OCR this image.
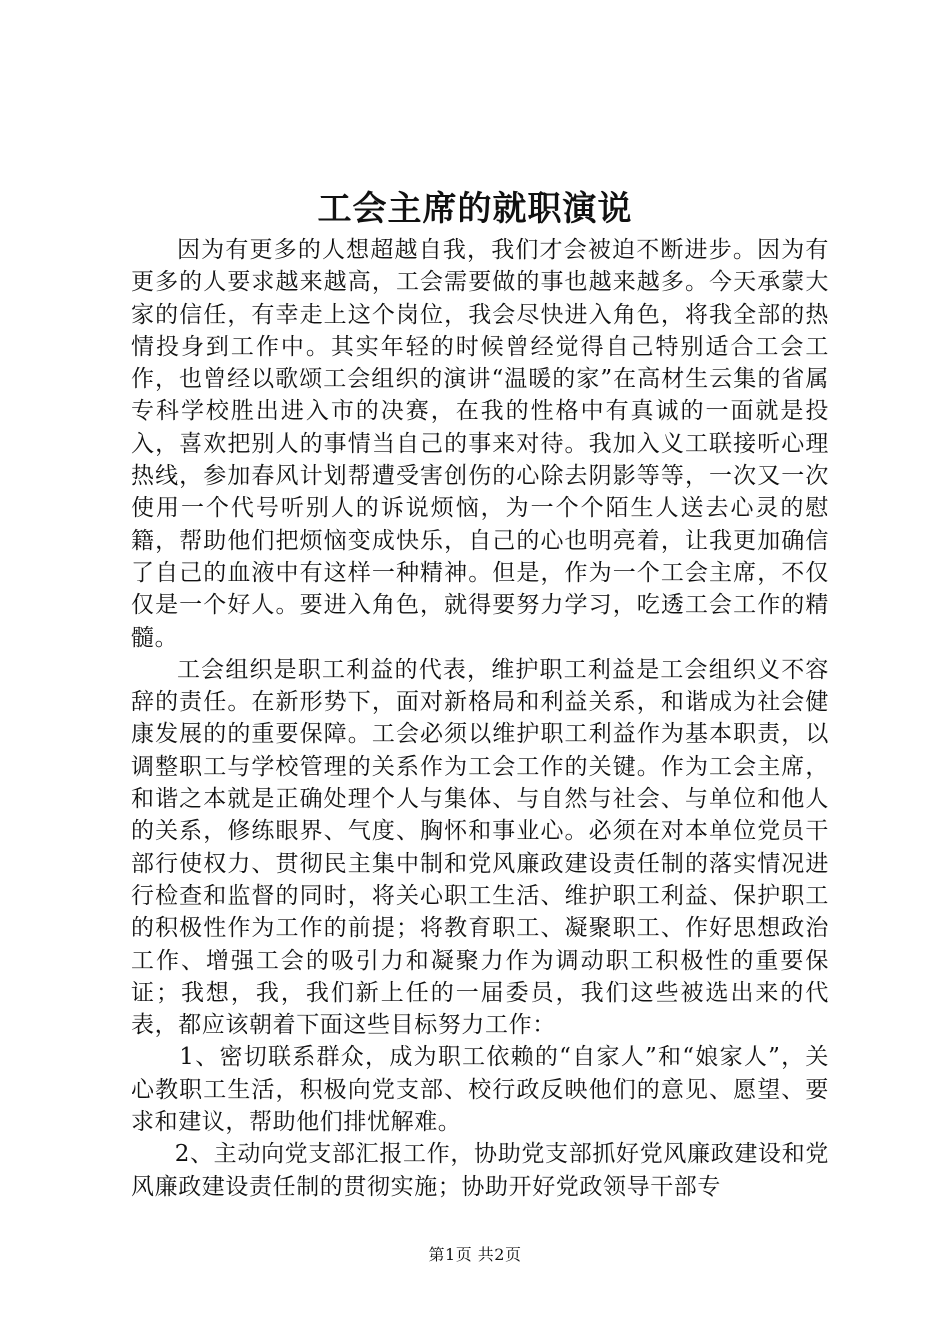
工会主席的就职演说

因为有更多的人想超越自我，我们才会被迫不断进步。因为有更多的人要求越来越高，工会需要做的事也越来越多。今天承蒙大家的信任，有幸走上这个岗位，我会尽快进入角色，将我全部的热情投身到工作中。其实年轻的时候曾经觉得自己特别适合工会工作，也曾经以歌颂工会组织的演讲“温暖的家”在高材生云集的省属专科学校胜出进入市的决赛，在我的性格中有真诚的一面就是投入，喜欢把别人的事情当自己的事来对待。我加入义工联接听心理热线，参加春风计划帮遭受害创伤的心除去阴影等等，一次又一次使用一个代号听别人的诉说烦恼，为一个个陌生人送去心灵的慰籍，帮助他们把烦恼变成快乐，自己的心也明亮着，让我更加确信了自己的血液中有这样一种精神。但是，作为一个工会主席，不仅仅是一个好人。要进入角色，就得要努力学习，吃透工会工作的精髓。

工会组织是职工利益的代表，维护职工利益是工会组织义不容辞的责任。在新形势下，面对新格局和利益关系，和谐成为社会健康发展的的重要保障。工会必须以维护职工利益作为基本职责，以调整职工与学校管理的关系作为工会工作的关键。作为工会主席，和谐之本就是正确处理个人与集体、与自然与社会、与单位和他人的关系，修练眼界、气度、胸怀和事业心。必须在对本单位党员干部行使权力、贯彻民主集中制和党风廉政建设责任制的落实情况进行检查和监督的同时，将关心职工生活、维护职工利益、保护职工的积极性作为工作的前提；将教育职工、凝聚职工、作好思想政治工作、增强工会的吸引力和凝聚力作为调动职工积极性的重要保证；我想，我，我们新上任的一届委员，我们这些被选出来的代表，都应该朝着下面这些目标努力工作：

1、密切联系群众，成为职工依赖的“自家人”和“娘家人”，关心教职工生活，积极向党支部、校行政反映他们的意见、愿望、要求和建议，帮助他们排忧解难。

2、主动向党支部汇报工作，协助党支部抓好党风廉政建设和党风廉政建设责任制的贯彻实施；协助开好党政领导干部专

第1页 共2页
